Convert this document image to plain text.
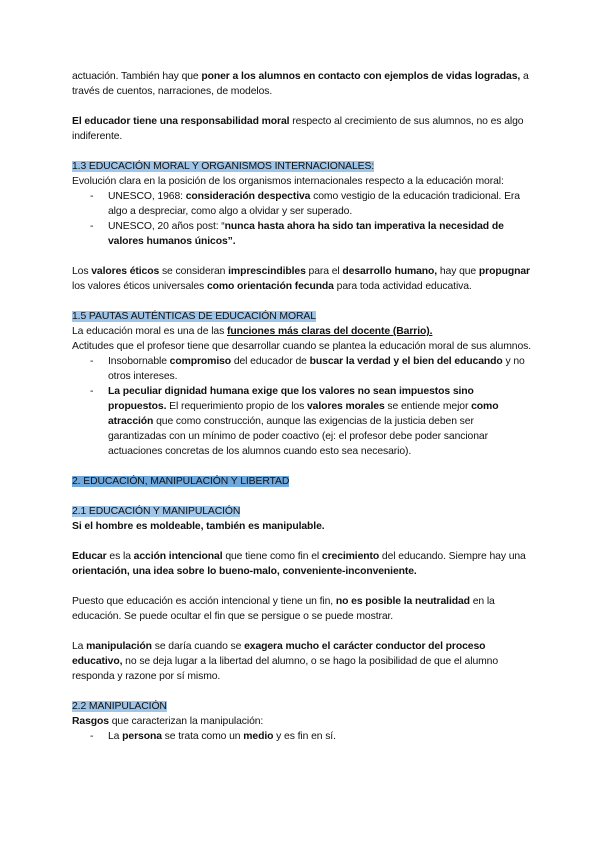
actuación. También hay que poner a los alumnos en contacto con ejemplos de vidas logradas, a través de cuentos, narraciones, de modelos.

El educador tiene una responsabilidad moral respecto al crecimiento de sus alumnos, no es algo indiferente.

1.3 EDUCACIÓN MORAL Y ORGANISMOS INTERNACIONALES:

Evolución clara en la posición de los organismos internacionales respecto a la educación moral:

- UNESCO, 1968: consideración despectiva como vestigio de la educación tradicional. Era algo a despreciar, como algo a olvidar y ser superado.
- UNESCO, 20 años post: “nunca hasta ahora ha sido tan imperativa la necesidad de valores humanos únicos”.

Los valores éticos se consideran imprescindibles para el desarrollo humano, hay que propugnar los valores éticos universales como orientación fecunda para toda actividad educativa.

1.5 PAUTAS AUTÉNTICAS DE EDUCACIÓN MORAL

La educación moral es una de las funciones más claras del docente (Barrio).

Actitudes que el profesor tiene que desarrollar cuando se plantea la educación moral de sus alumnos.

- Insobornable compromiso del educador de buscar la verdad y el bien del educando y no otros intereses.
- La peculiar dignidad humana exige que los valores no sean impuestos sino propuestos. El requerimiento propio de los valores morales se entiende mejor como atracción que como construcción, aunque las exigencias de la justicia deben ser garantizadas con un mínimo de poder coactivo (ej: el profesor debe poder sancionar actuaciones concretas de los alumnos cuando esto sea necesario).

2. EDUCACIÓN, MANIPULACIÓN Y LIBERTAD

2.1 EDUCACIÓN Y MANIPULACIÓN

Si el hombre es moldeable, también es manipulable.

Educar es la acción intencional que tiene como fin el crecimiento del educando. Siempre hay una orientación, una idea sobre lo bueno-malo, conveniente-inconveniente.

Puesto que educación es acción intencional y tiene un fin, no es posible la neutralidad en la educación. Se puede ocultar el fin que se persigue o se puede mostrar.

La manipulación se daría cuando se exagera mucho el carácter conductor del proceso educativo, no se deja lugar a la libertad del alumno, o se hago la posibilidad de que el alumno responda y razone por sí mismo.

2.2 MANIPULACIÓN

Rasgos que caracterizan la manipulación:

- La persona se trata como un medio y es fin en sí.
